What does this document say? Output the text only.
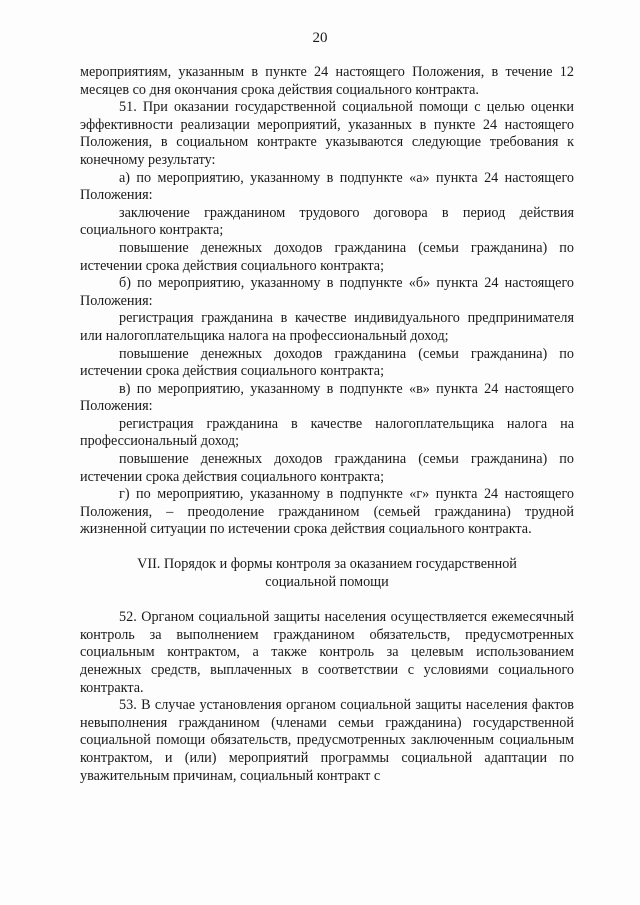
20

мероприятиям, указанным в пункте 24 настоящего Положения, в течение 12 месяцев со дня окончания срока действия социального контракта.

51. При оказании государственной социальной помощи с целью оценки эффективности реализации мероприятий, указанных в пункте 24 настоящего Положения, в социальном контракте указываются следующие требования к конечному результату:

а) по мероприятию, указанному в подпункте «а» пункта 24 настоящего Положения:

заключение гражданином трудового договора в период действия социального контракта;

повышение денежных доходов гражданина (семьи гражданина) по истечении срока действия социального контракта;

б) по мероприятию, указанному в подпункте «б» пункта 24 настоящего Положения:

регистрация гражданина в качестве индивидуального предпринимателя или налогоплательщика налога на профессиональный доход;

повышение денежных доходов гражданина (семьи гражданина) по истечении срока действия социального контракта;

в) по мероприятию, указанному в подпункте «в» пункта 24 настоящего Положения:

регистрация гражданина в качестве налогоплательщика налога на профессиональный доход;

повышение денежных доходов гражданина (семьи гражданина) по истечении срока действия социального контракта;

г) по мероприятию, указанному в подпункте «г» пункта 24 настоящего Положения, – преодоление гражданином (семьей гражданина) трудной жизненной ситуации по истечении срока действия социального контракта.

VII. Порядок и формы контроля за оказанием государственной социальной помощи

52. Органом социальной защиты населения осуществляется ежемесячный контроль за выполнением гражданином обязательств, предусмотренных социальным контрактом, а также контроль за целевым использованием денежных средств, выплаченных в соответствии с условиями социального контракта.

53. В случае установления органом социальной защиты населения фактов невыполнения гражданином (членами семьи гражданина) государственной социальной помощи обязательств, предусмотренных заключенным социальным контрактом, и (или) мероприятий программы социальной адаптации по уважительным причинам, социальный контракт с
